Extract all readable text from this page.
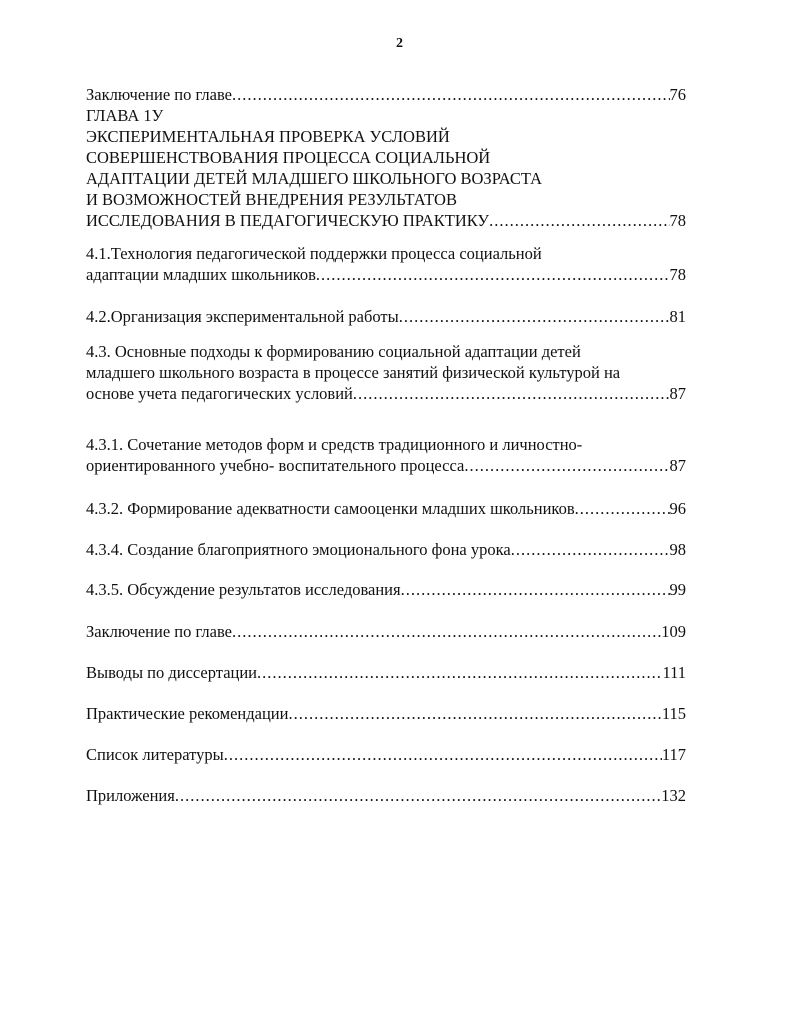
2
Заключение по главе .....	76
ГЛАВА 1У
ЭКСПЕРИМЕНТАЛЬНАЯ ПРОВЕРКА УСЛОВИЙ
СОВЕРШЕНСТВОВАНИЯ ПРОЦЕССА СОЦИАЛЬНОЙ
АДАПТАЦИИ ДЕТЕЙ МЛАДШЕГО ШКОЛЬНОГО ВОЗРАСТА
И ВОЗМОЖНОСТЕЙ ВНЕДРЕНИЯ РЕЗУЛЬТАТОВ
ИССЛЕДОВАНИЯ В ПЕДАГОГИЧЕСКУЮ ПРАКТИКУ .....	78
4.1.Технология педагогической поддержки процесса социальной
адаптации младших школьников .....	78
4.2.Организация экспериментальной работы .....	81
4.3. Основные подходы к формированию социальной адаптации детей
младшего школьного возраста в процессе занятий физической культурой на
основе учета педагогических условий .....	87
4.3.1. Сочетание методов форм и средств традиционного и личностно-
ориентированного учебно- воспитательного процесса .....	87
4.3.2. Формирование адекватности самооценки младших школьников .....	96
4.3.4. Создание благоприятного эмоционального фона урока .....	98
4.3.5. Обсуждение результатов исследования .....	99
Заключение по главе .....	109
Выводы по диссертации .....	111
Практические рекомендации .....	115
Список литературы .....	117
Приложения .....	132
